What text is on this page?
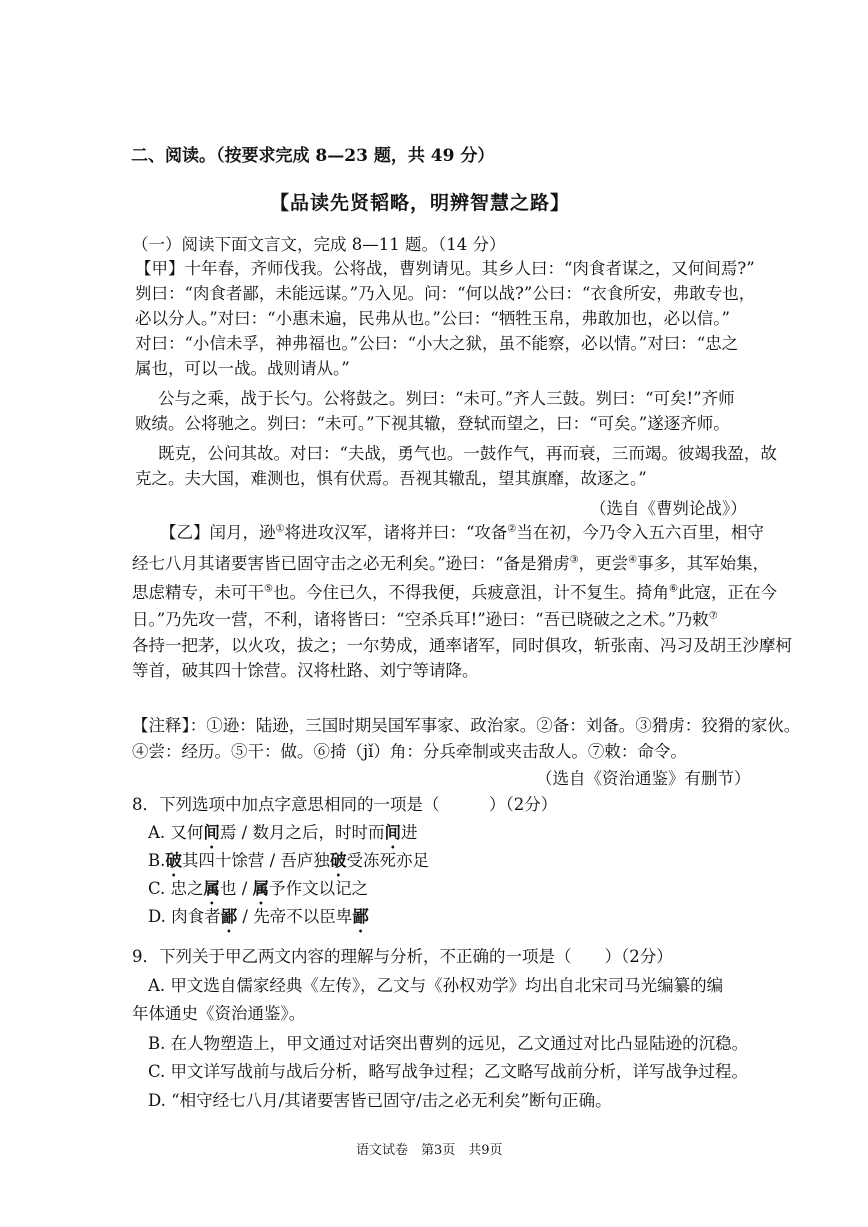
二、阅读。（按要求完成 8—23 题，共 49 分）
【品读先贤韬略，明辨智慧之路】
（一）阅读下面文言文，完成 8—11 题。（14 分）
【甲】十年春，齐师伐我。公将战，曹刿请见。其乡人曰：“肉食者谋之，又何间焉?”
刿曰：“肉食者鄙，未能远谋。”乃入见。问：“何以战?”公曰：“衣食所安，弗敢专也，
必以分人。”对曰：“小惠未遍，民弗从也。”公曰：“牺牲玉帛，弗敢加也，必以信。”
对曰：“小信未孚，神弗福也。”公曰：“小大之狱，虽不能察，必以情。”对曰：“忠之
属也，可以一战。战则请从。”
公与之乘，战于长勺。公将鼓之。刿曰：“未可。”齐人三鼓。刿曰：“可矣!”齐师
败绩。公将驰之。刿曰：“未可。”下视其辙，登轼而望之，曰：“可矣。”遂逐齐师。
既克，公问其故。对曰：“夫战，勇气也。一鼓作气，再而衰，三而竭。彼竭我盈，故
克之。夫大国，难测也，惧有伏焉。吾视其辙乱，望其旗靡，故逐之。”
（选自《曹刿论战》）
【乙】闰月，逊①将进攻汉军，诸将并曰：“攻备②当在初，今乃令入五六百里，相守
经七八月其诸要害皆已固守击之必无利矣。”逊曰：“备是猾虏③，更尝④事多，其军始集，
思虑精专，未可干⑤也。今住已久，不得我便，兵疲意沮，计不复生。掎角⑥此寇，正在今
日。”乃先攻一营，不利，诸将皆曰：“空杀兵耳!”逊曰：“吾已晓破之之术。”乃敕⑦
各持一把茅，以火攻，拔之；一尔势成，通率诸军，同时俱攻，斩张南、冯习及胡王沙摩柯
等首，破其四十馀营。汉将杜路、刘宁等请降。
【注释】：①逊：陆逊，三国时期吴国军事家、政治家。②备：刘备。③猾虏：狡猾的家伙。
④尝：经历。⑤干：做。⑥掎（jǐ）角：分兵牵制或夹击敌人。⑦敕：命令。
（选自《资治通鉴》有删节）
8．下列选项中加点字意思相同的一项是（　　　）（2分）
A. 又何间焉 / 数月之后，时时而间进
B.破其四十馀营 / 吾庐独破受冻死亦足
C. 忠之属也 / 属予作文以记之
D. 肉食者鄙 / 先帝不以臣卑鄙
9．下列关于甲乙两文内容的理解与分析，不正确的一项是（　　）（2分）
A. 甲文选自儒家经典《左传》，乙文与《孙权劝学》均出自北宋司马光编纂的编
年体通史《资治通鉴》。
B. 在人物塑造上，甲文通过对话突出曹刿的远见，乙文通过对比凸显陆逊的沉稳。
C. 甲文详写战前与战后分析，略写战争过程；乙文略写战前分析，详写战争过程。
D. “相守经七八月/其诸要害皆已固守/击之必无利矣”断句正确。
语文试卷　第3页　共9页
